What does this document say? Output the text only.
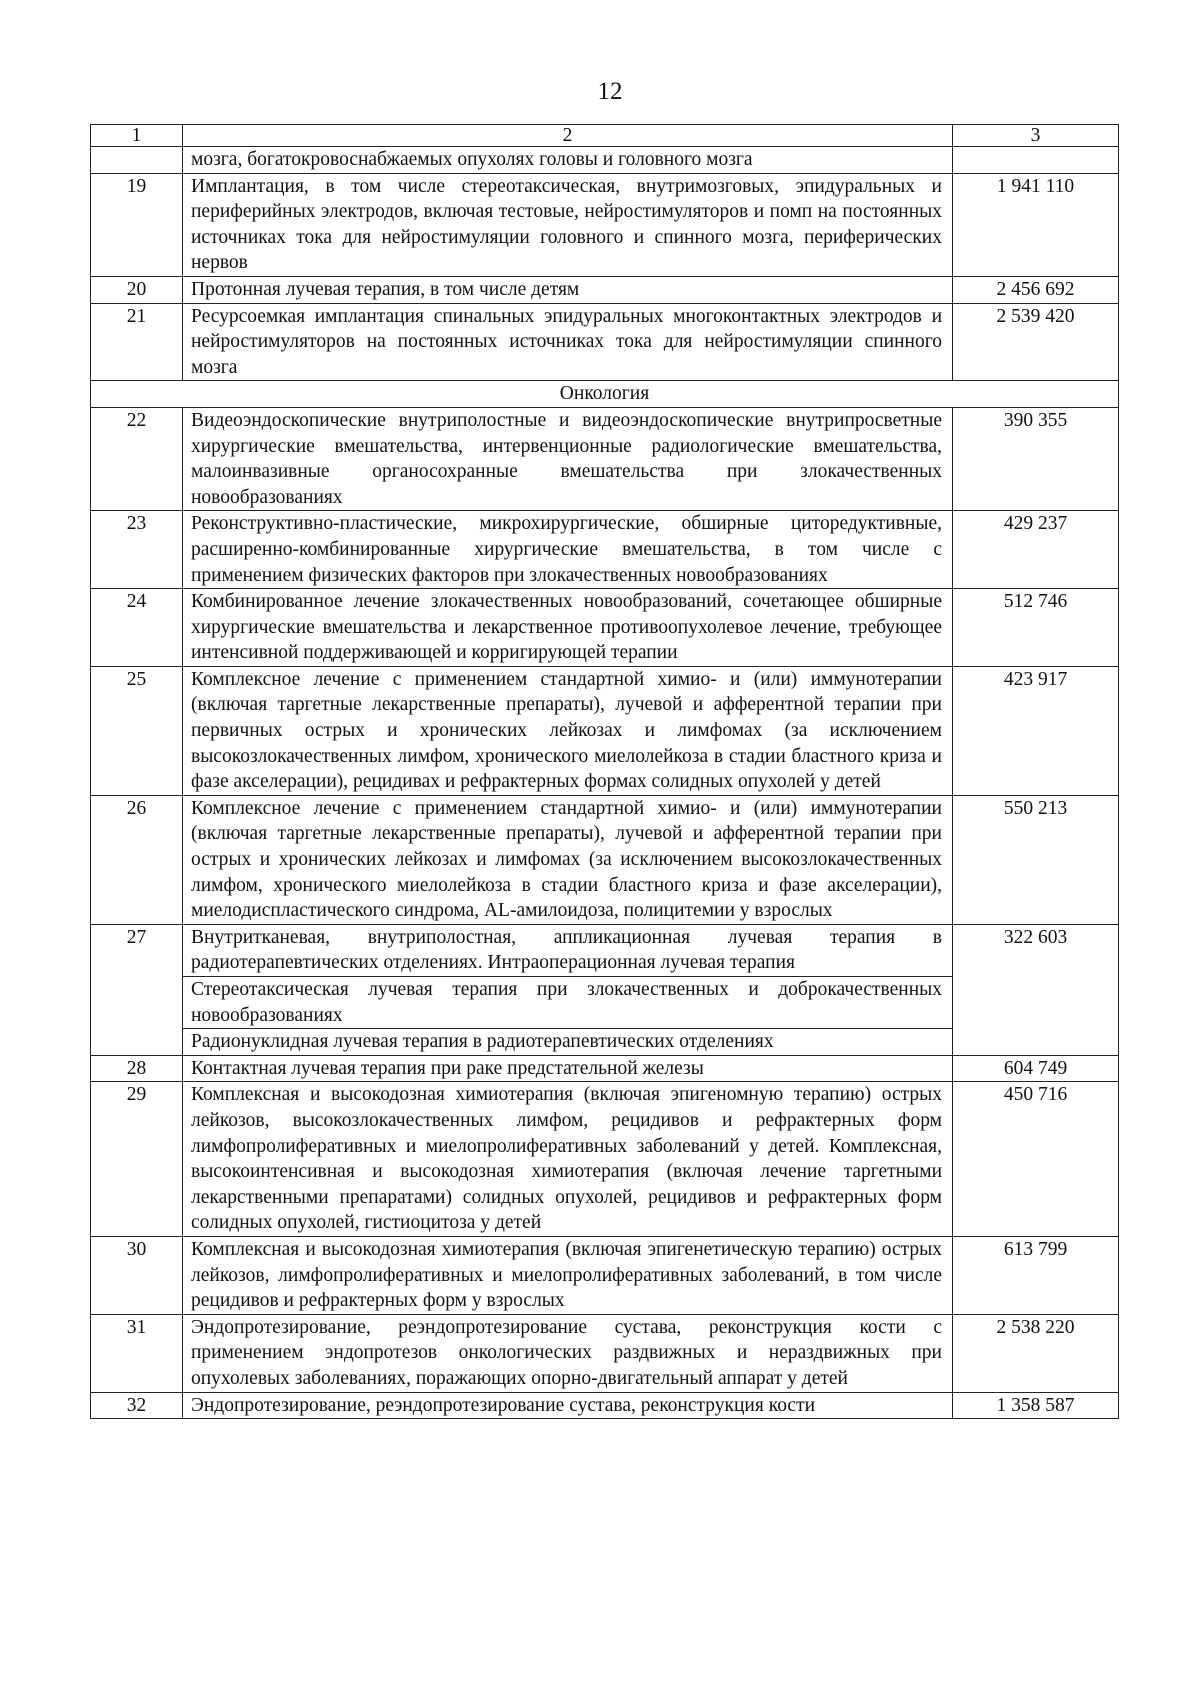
12
1	2	3

	мозга, богатокровоснабжаемых опухолях головы и головного мозга	

19	Имплантация, в том числе стереотаксическая, внутримозговых, эпидуральных и периферийных электродов, включая тестовые, нейростимуляторов и помп на постоянных источниках тока для нейростимуляции головного и спинного мозга, периферических нервов	1 941 110
20	Протонная лучевая терапия, в том числе детям	2 456 692
21	Ресурсоемкая имплантация спинальных эпидуральных многоконтактных электродов и нейростимуляторов на постоянных источниках тока для нейростимуляции спинного мозга	2 539 420
Онкология		
22	Видеоэндоскопические внутриполостные и видеоэндоскопические внутрипросветные хирургические вмешательства, интервенционные радиологические вмешательства, малоинвазивные органосохранные вмешательства при злокачественных новообразованиях	390 355
23	Реконструктивно-пластические, микрохирургические, обширные циторедуктивные, расширенно-комбинированные хирургические вмешательства, в том числе с применением физических факторов при злокачественных новообразованиях	429 237
24	Комбинированное лечение злокачественных новообразований, сочетающее обширные хирургические вмешательства и лекарственное противоопухолевое лечение, требующее интенсивной поддерживающей и корригирующей терапии	512 746
25	Комплексное лечение с применением стандартной химио- и (или) иммунотерапии (включая таргетные лекарственные препараты), лучевой и афферентной терапии при первичных острых и хронических лейкозах и лимфомах (за исключением высокозлокачественных лимфом, хронического миелолейкоза в стадии бластного криза и фазе акселерации), рецидивах и рефрактерных формах солидных опухолей у детей	423 917
26	Комплексное лечение с применением стандартной химио- и (или) иммунотерапии (включая таргетные лекарственные препараты), лучевой и афферентной терапии при острых и хронических лейкозах и лимфомах (за исключением высокозлокачественных лимфом, хронического миелолейкоза в стадии бластного криза и фазе акселерации), миелодиспластического синдрома, AL-амилоидоза, полицитемии у взрослых	550 213
27	Внутритканевая, внутриполостная, аппликационная лучевая терапия в радиотерапевтических отделениях. Интраоперационная лучевая терапия
Стереотаксическая лучевая терапия при злокачественных и доброкачественных новообразованиях
Радионуклидная лучевая терапия в радиотерапевтических отделениях	322 603
28	Контактная лучевая терапия при раке предстательной железы	604 749
29	Комплексная и высокодозная химиотерапия (включая эпигеномную терапию) острых лейкозов, высокозлокачественных лимфом, рецидивов и рефрактерных форм лимфопролиферативных и миелопролиферативных заболеваний у детей. Комплексная, высокоинтенсивная и высокодозная химиотерапия (включая лечение таргетными лекарственными препаратами) солидных опухолей, рецидивов и рефрактерных форм солидных опухолей, гистиоцитоза у детей	450 716
30	Комплексная и высокодозная химиотерапия (включая эпигенетическую терапию) острых лейкозов, лимфопролиферативных и миелопролиферативных заболеваний, в том числе рецидивов и рефрактерных форм у взрослых	613 799
31	Эндопротезирование, реэндопротезирование сустава, реконструкция кости с применением эндопротезов онкологических раздвижных и нераздвижных при опухолевых заболеваниях, поражающих опорно-двигательный аппарат у детей	2 538 220
32	Эндопротезирование, реэндопротезирование сустава, реконструкция кости	1 358 587
